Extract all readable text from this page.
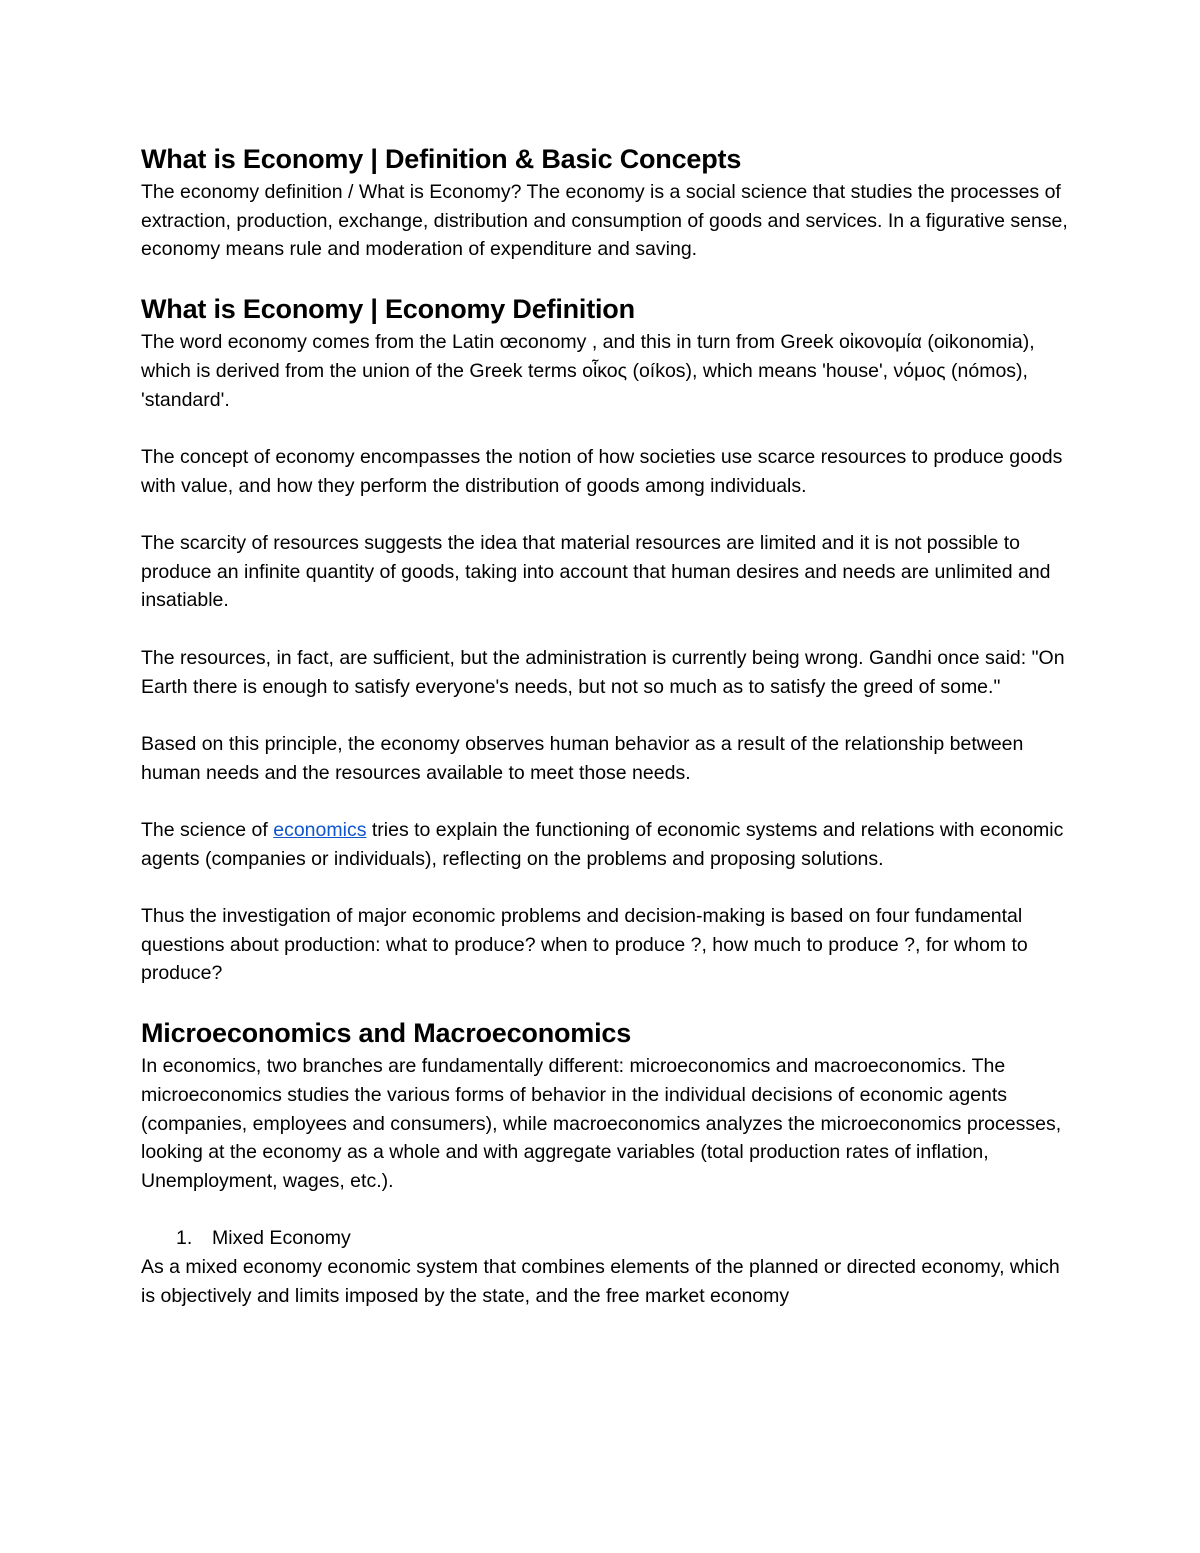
What is Economy | Definition & Basic Concepts

The economy definition / What is Economy? The economy is a social science that studies the processes of extraction, production, exchange, distribution and consumption of goods and services. In a figurative sense, economy means rule and moderation of expenditure and saving.

What is Economy | Economy Definition

The word economy comes from the Latin œconomy , and this in turn from Greek οἰκονομία (oikonomia), which is derived from the union of the Greek terms οἶκος (oíkos), which means 'house', νόμος (nómos), 'standard'.

The concept of economy encompasses the notion of how societies use scarce resources to produce goods with value, and how they perform the distribution of goods among individuals.

The scarcity of resources suggests the idea that material resources are limited and it is not possible to produce an infinite quantity of goods, taking into account that human desires and needs are unlimited and insatiable.

The resources, in fact, are sufficient, but the administration is currently being wrong. Gandhi once said: "On Earth there is enough to satisfy everyone's needs, but not so much as to satisfy the greed of some."

Based on this principle, the economy observes human behavior as a result of the relationship between human needs and the resources available to meet those needs.

The science of economics tries to explain the functioning of economic systems and relations with economic agents (companies or individuals), reflecting on the problems and proposing solutions.

Thus the investigation of major economic problems and decision-making is based on four fundamental questions about production: what to produce? when to produce ?, how much to produce ?, for whom to produce?

Microeconomics and Macroeconomics

In economics, two branches are fundamentally different: microeconomics and macroeconomics. The microeconomics studies the various forms of behavior in the individual decisions of economic agents (companies, employees and consumers), while macroeconomics analyzes the microeconomics processes, looking at the economy as a whole and with aggregate variables (total production rates of inflation, Unemployment, wages, etc.).

1. Mixed Economy

As a mixed economy economic system that combines elements of the planned or directed economy, which is objectively and limits imposed by the state, and the free market economy
